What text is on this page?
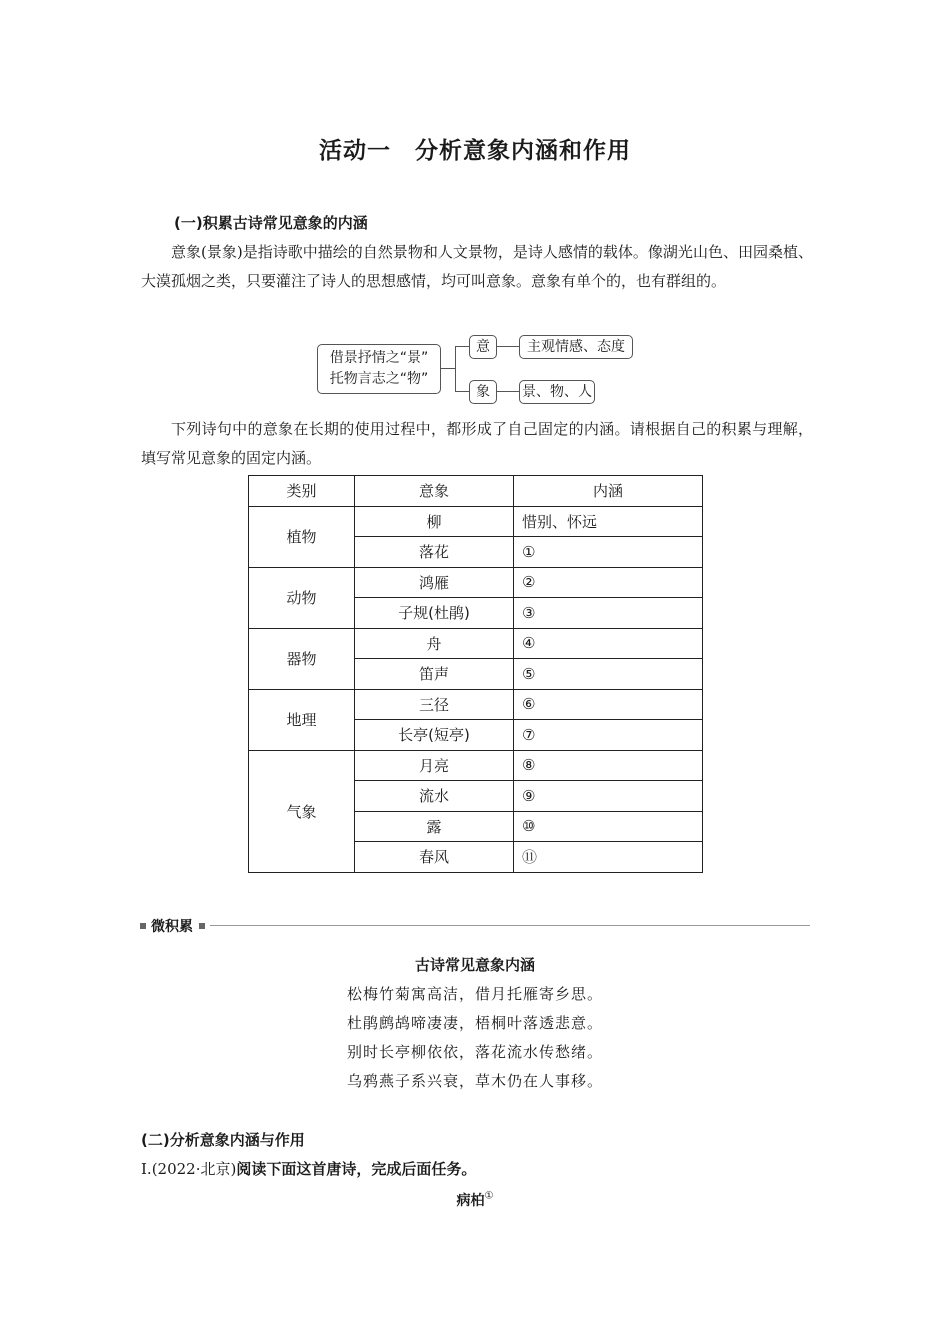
活动一　分析意象内涵和作用
(一)积累古诗常见意象的内涵

意象(景象)是指诗歌中描绘的自然景物和人文景物，是诗人感情的载体。像湖光山色、田园桑植、大漠孤烟之类，只要灌注了诗人的思想感情，均可叫意象。意象有单个的，也有群组的。

借景抒情之“景”
托物言志之“物”
意
象
主观情感、态度
景、物、人

下列诗句中的意象在长期的使用过程中，都形成了自己固定的内涵。请根据自己的积累与理解，填写常见意象的固定内涵。

类别	意象	内涵
植物	柳	惜别、怀远
	落花	①
动物	鸿雁	②
	子规(杜鹃)	③
器物	舟	④
	笛声	⑤
地理	三径	⑥
	长亭(短亭)	⑦
气象	月亮	⑧
	流水	⑨
	露	⑩
	春风	⑪
微积累
古诗常见意象内涵
松梅竹菊寓高洁，借月托雁寄乡思。
杜鹃鹧鸪啼凄凄，梧桐叶落透悲意。
别时长亭柳依依，落花流水传愁绪。
乌鸦燕子系兴衰，草木仍在人事移。
(二)分析意象内涵与作用
Ⅰ.(2022·北京)阅读下面这首唐诗，完成后面任务。
病柏①
